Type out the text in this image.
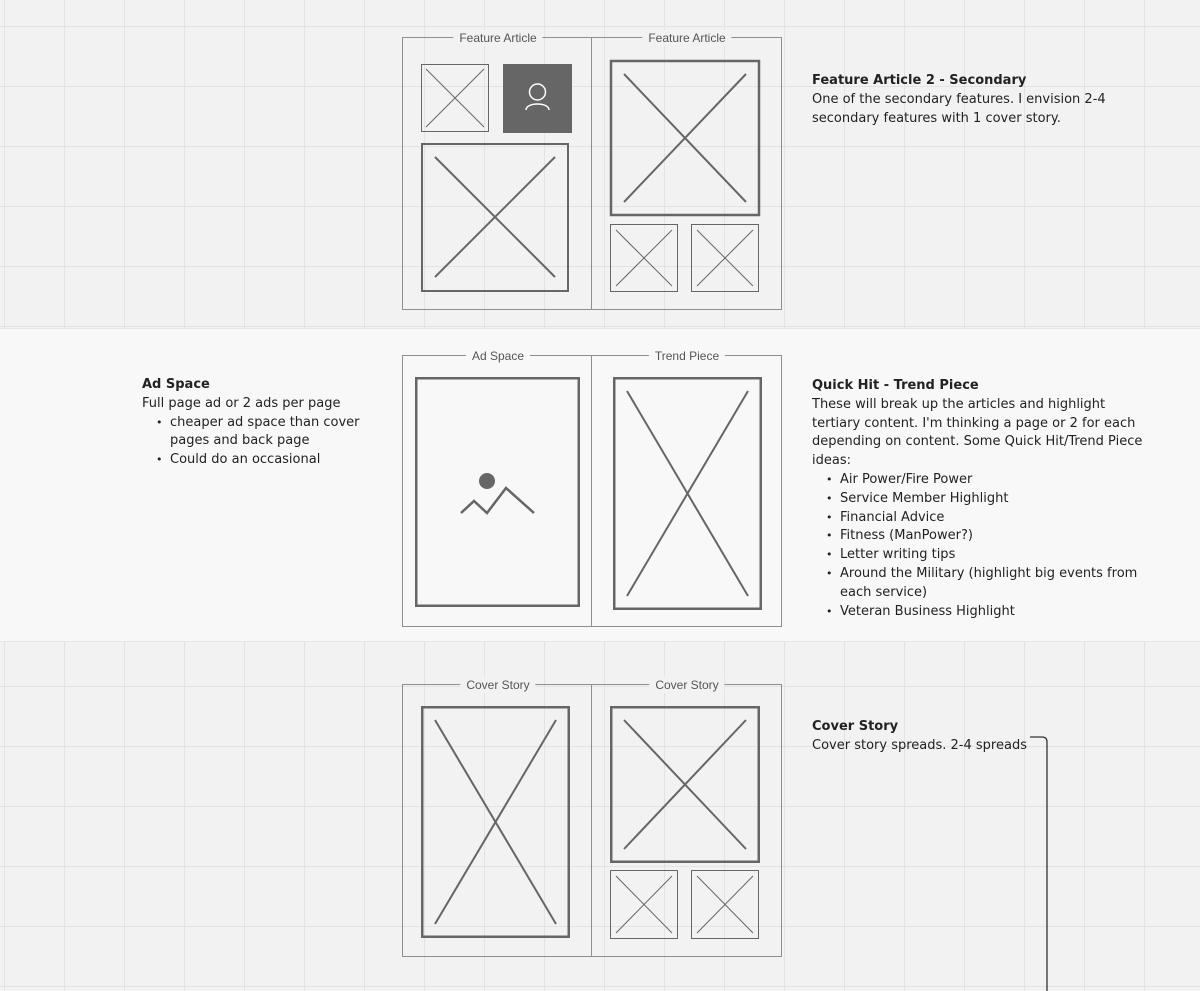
Feature Article	Feature Article
Ad Space	Trend Piece
Cover Story	Cover Story
Feature Article 2 - Secondary
One of the secondary features. I envision 2-4
secondary features with 1 cover story.
Ad Space
Full page ad or 2 ads per page
• cheaper ad space than cover
pages and back page
• Could do an occasional
Quick Hit - Trend Piece
These will break up the articles and highlight
tertiary content. I'm thinking a page or 2 for each
depending on content. Some Quick Hit/Trend Piece
ideas:
• Air Power/Fire Power
• Service Member Highlight
• Financial Advice
• Fitness (ManPower?)
• Letter writing tips
• Around the Military (highlight big events from
each service)
• Veteran Business Highlight
Cover Story
Cover story spreads. 2-4 spreads
